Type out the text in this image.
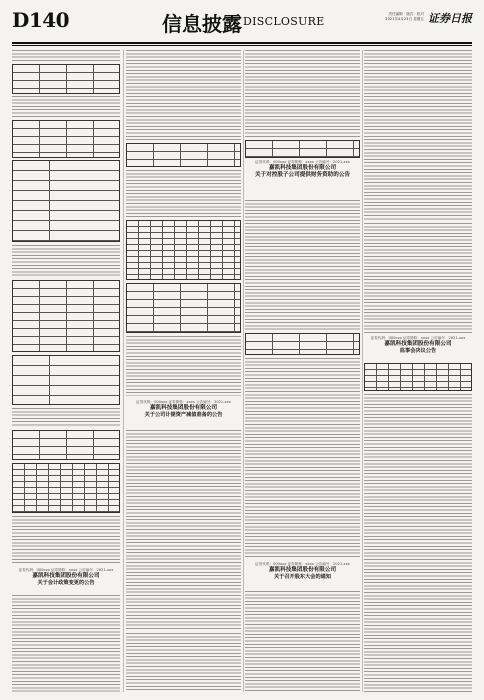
D140	信息披露 DISCLOSURE
责任编辑 · 版式 · 校对
2021年4月23日 星期五 证券日报
证券代码：000xxx 证券简称：xxxx 公告编号：2021-xxx
嘉凯科技集团股份有限公司
关于会计政策变更的公告
证券代码：000xxx 证券简称：xxxx 公告编号：2021-xxx
嘉凯科技集团股份有限公司
关于公司计提资产减值准备的公告
证券代码：000xxx 证券简称：xxxx 公告编号：2021-xxx
嘉凯科技集团股份有限公司
关于对控股子公司提供财务资助的公告
证券代码：000xxx 证券简称：xxxx 公告编号：2021-xxx
嘉凯科技集团股份有限公司
关于召开股东大会的通知
证券代码：000xxx 证券简称：xxxx 公告编号：2021-xxx
嘉凯科技集团股份有限公司
监事会决议公告
